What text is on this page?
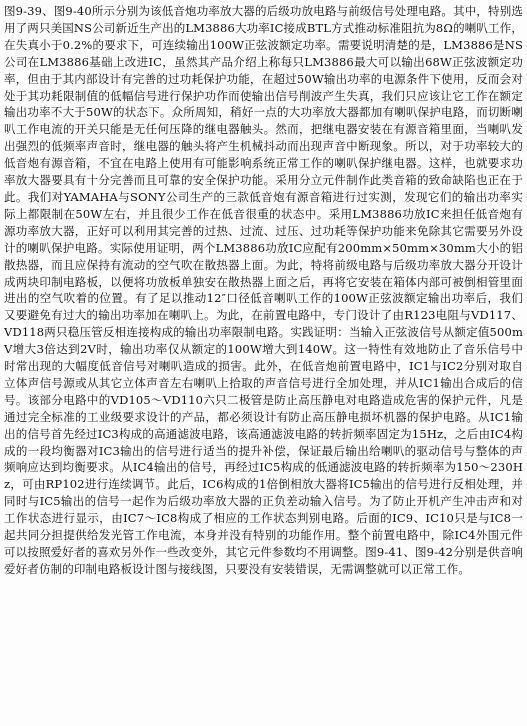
图9-39、图9-40所示分别为该低音炮功率放大器的后级功放电路与前级信号处理电路。其中，特别选用了两只美国NS公司新近生产出的LM3886大功率IC接成BTL方式推动标准阻抗为8Ω的喇叭工作，在失真小于0.2%的要求下，可连续输出100W正弦波额定功率。需要说明清楚的是，LM3886是NS公司在LM3886基础上改进IC，虽然其产品介绍上称每只LM3886最大可以输出68W正弦波额定功率，但由于其内部设计有完善的过功耗保护功能，在超过50W输出功率的电源条件下使用，反而会对处于其功耗限制值的低幅信号进行保护功作而使输出信号削波产生失真，我们只应该让它工作在额定输出功率不大于50W的状态下。众所周知，稍好一点的大功率放大器都加有喇叭保护电路，而切断喇叭工作电流的开关只能是无任何压降的继电器触头。然而，把继电器安装在有源音箱里面，当喇叭发出强烈的低频率声音时，继电器的触头将产生机械抖动而出现声音中断现象。所以，对于功率较大的低音炮有源音箱，不宜在电路上使用有可能影响系统正常工作的喇叭保护继电器。这样，也就要求功率放大器要具有十分完善而且可靠的安全保护功能。采用分立元件制作此类音箱的致命缺陷也正在于此。我们对YAMAHA与SONY公司生产的三款低音炮有源音箱进行过实测，发现它们的输出功率实际上都限制在50W左右，并且很少工作在低音很重的状态中。采用LM3886功放IC来担任低音炮有源功率放大器，正好可以利用其完善的过热、过流、过压、过功耗等保护功能来免除其它需要另外设计的喇叭保护电路。实际使用证明，两个LM3886功放IC应配有200mm×50mm×30mm大小的铝散热器，而且应保持有流动的空气吹在散热器上面。为此，特将前级电路与后级功率放大器分开设计成两块印制电路板，以便将功放板单独安在散热器上面之后，再将它安装在箱体内部可被倒相管里面进出的空气吹着的位置。有了足以推动12″口径低音喇叭工作的100W正弦波额定输出功率后，我们又要避免有过大的输出功率加在喇叭上。为此，在前置电路中，专门设计了由R123电阻与VD117、VD118两只稳压管反相连接构成的输出功率限制电路。实践证明：当输入正弦波信号从额定值500mV增大3倍达到2V时，输出功率仅从额定的100W增大到140W。这一特性有效地防止了音乐信号中时常出现的大幅度低音信号对喇叭造成的损害。此外，在低音炮前置电路中，IC1与IC2分别对取自立体声信号源或从其它立体声音左右喇叭上拾取的声音信号进行全加处理，并从IC1输出合成后的信号。该部分电路中的VD105～VD110六只二极管是防止高压静电对电路造成危害的保护元件，凡是通过完全标准的工业级要求设计的产品，都必须设计有防止高压静电损坏机器的保护电路。从IC1输出的信号首先经过IC3构成的高通滤波电路，该高通滤波电路的转折频率固定为15Hz，之后由IC4构成的一段均衡器对IC3输出的信号进行适当的提升补偿，保证最后输出给喇叭的驱动信号与整体的声频响应达到均衡要求。从IC4输出的信号，再经过IC5构成的低通滤波电路的转折频率为150～230Hz，可由RP102进行连续调节。此后，IC6构成的1倍倒相放大器将IC5输出的信号进行反相处理，并同时与IC5输出的信号一起作为后级功率放大器的正负差动输入信号。为了防止开机产生冲击声和对工作状态进行显示，由IC7～IC8构成了相应的工作状态判别电路。后面的IC9、IC10只是与IC8一起共同分担提供给发光管工作电流，本身并没有特别的功能作用。整个前置电路中，除IC4外围元件可以按照爱好者的喜欢另外作一些改变外，其它元件参数均不用调整。图9-41、图9-42分别是供音响爱好者仿制的印制电路板设计图与接线图，只要没有安装错误，无需调整就可以正常工作。
